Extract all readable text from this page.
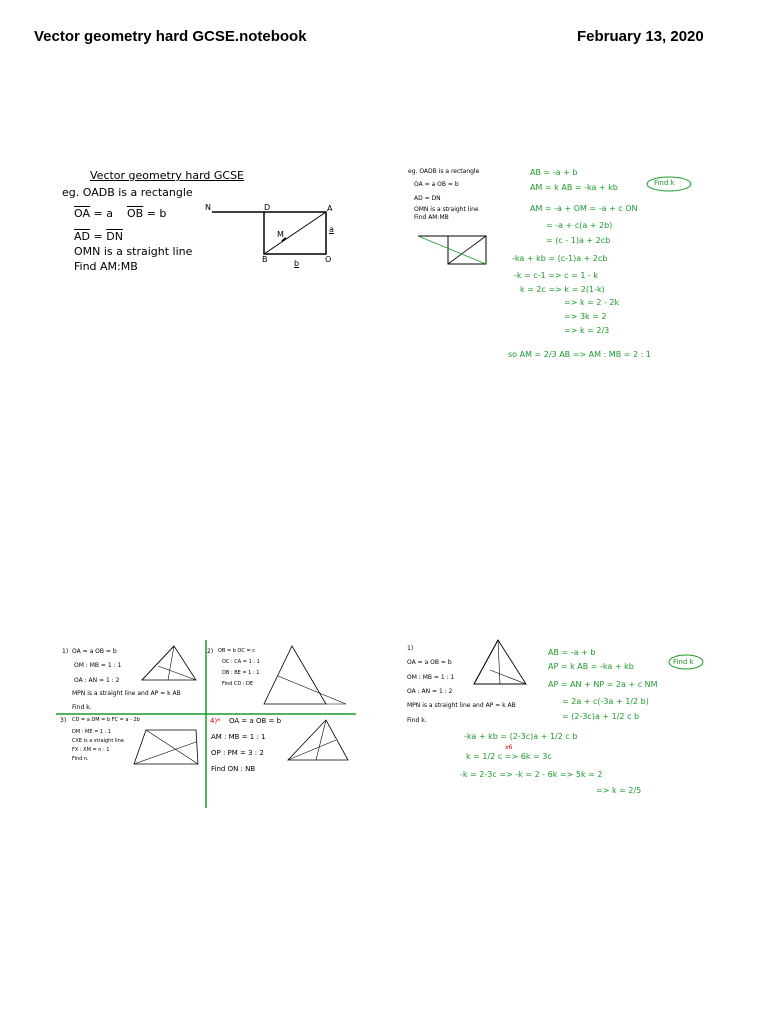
Vector geometry hard GCSE.notebook	February 13, 2020
Vector geometry hard GCSE
eg. OADB is a rectangle
$\overline{OA} = a$ $\overline{OB} = b$
$\overline{AD} = \overline{DN}$
OMN is a straight line
Find AM:MB
N	D	A
a
M
B	O
b
eg. OADB is a rectangle
OA = a OB = b
AD = DN
OMN is a straight line
Find AM:MB
AB = -a + b
AM = k AB = -ka + kb	Find k
AM = -a + OM = -a + c ON
= -a + c(a + 2b)
= (c - 1)a + 2cb
-ka + kb = (c-1)a + 2cb
-k = c-1 => c = 1 - k
k = 2c => k = 2(1-k)
=> k = 2 - 2k
=> 3k = 2
=> k = 2/3
so AM = 2/3 AB => AM : MB = 2 : 1
1) OA = a OB = b
OM : MB = 1 : 1
OA : AN = 1 : 2
MPN is a straight line and AP = k AB
Find k.
2) OB = b OC = c
OC : CA = 1 : 1
OB : BE = 1 : 1
Find CD : DE
3) CD = a DM = b FC = a - 2b
DM : ME = 1 : 1
CXE is a straight line
FX : XM = n : 1
Find n.
4)* OA = a OB = b
AM : MB = 1 : 1
OP : PM = 3 : 2
Find ON : NB
1)
OA = a OB = b
OM : MB = 1 : 1
OA : AN = 1 : 2
MPN is a straight line and AP = k AB
Find k.
AB = -a + b
AP = k AB = -ka + kb	Find k
AP = AN + NP = 2a + c NM
= 2a + c(-3a + 1/2 b)
= (2-3c)a + 1/2 c b
-ka + kb = (2-3c)a + 1/2 c b
x6
k = 1/2 c => 6k = 3c
-k = 2-3c => -k = 2 - 6k => 5k = 2
=> k = 2/5
